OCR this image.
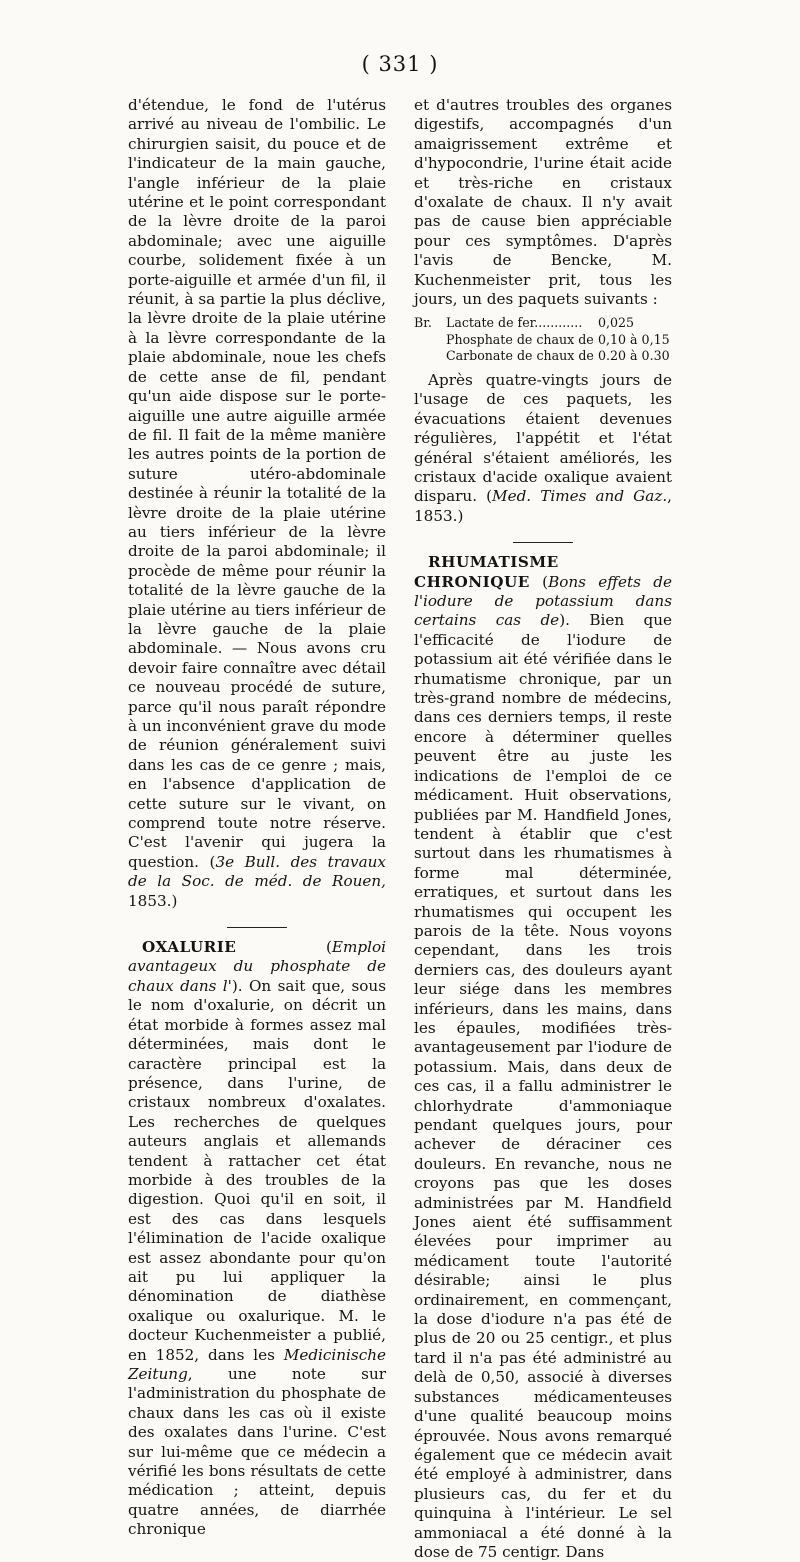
( 331 )

d'étendue, le fond de l'utérus arrivé au niveau de l'ombilic. Le chirurgien saisit, du pouce et de l'indicateur de la main gauche, l'angle inférieur de la plaie utérine et le point correspondant de la lèvre droite de la paroi abdominale; avec une aiguille courbe, solidement fixée à un porte-aiguille et armée d'un fil, il réunit, à sa partie la plus déclive, la lèvre droite de la plaie utérine à la lèvre correspondante de la plaie abdominale, noue les chefs de cette anse de fil, pendant qu'un aide dispose sur le porte-aiguille une autre aiguille armée de fil. Il fait de la même manière les autres points de la portion de suture utéro-abdominale destinée à réunir la totalité de la lèvre droite de la plaie utérine au tiers inférieur de la lèvre droite de la paroi abdominale; il procède de même pour réunir la totalité de la lèvre gauche de la plaie utérine au tiers inférieur de la lèvre gauche de la plaie abdominale. — Nous avons cru devoir faire connaître avec détail ce nouveau procédé de suture, parce qu'il nous paraît répondre à un inconvénient grave du mode de réunion généralement suivi dans les cas de ce genre ; mais, en l'absence d'application de cette suture sur le vivant, on comprend toute notre réserve. C'est l'avenir qui jugera la question. (3e Bull. des travaux de la Soc. de méd. de Rouen, 1853.)

OXALURIE (Emploi avantageux du phosphate de chaux dans l'). On sait que, sous le nom d'oxalurie, on décrit un état morbide à formes assez mal déterminées, mais dont le caractère principal est la présence, dans l'urine, de cristaux nombreux d'oxalates. Les recherches de quelques auteurs anglais et allemands tendent à rattacher cet état morbide à des troubles de la digestion. Quoi qu'il en soit, il est des cas dans lesquels l'élimination de l'acide oxalique est assez abondante pour qu'on ait pu lui appliquer la dénomination de diathèse oxalique ou oxalurique. M. le docteur Kuchenmeister a publié, en 1852, dans les Medicinische Zeitung, une note sur l'administration du phosphate de chaux dans les cas où il existe des oxalates dans l'urine. C'est sur lui-même que ce médecin a vérifié les bons résultats de cette médication ; atteint, depuis quatre années, de diarrhée chronique

et d'autres troubles des organes digestifs, accompagnés d'un amaigrissement extrême et d'hypocondrie, l'urine était acide et très-riche en cristaux d'oxalate de chaux. Il n'y avait pas de cause bien appréciable pour ces symptômes. D'après l'avis de Bencke, M. Kuchenmeister prit, tous les jours, un des paquets suivants :

Br.	Lactate de fer............	0,025
Phosphate de chaux de 0,10 à 0,15
Carbonate de chaux de 0.20 à 0.30

Après quatre-vingts jours de l'usage de ces paquets, les évacuations étaient devenues régulières, l'appétit et l'état général s'étaient améliorés, les cristaux d'acide oxalique avaient disparu. (Med. Times and Gaz., 1853.)

RHUMATISME CHRONIQUE (Bons effets de l'iodure de potassium dans certains cas de). Bien que l'efficacité de l'iodure de potassium ait été vérifiée dans le rhumatisme chronique, par un très-grand nombre de médecins, dans ces derniers temps, il reste encore à déterminer quelles peuvent être au juste les indications de l'emploi de ce médicament. Huit observations, publiées par M. Handfield Jones, tendent à établir que c'est surtout dans les rhumatismes à forme mal déterminée, erratiques, et surtout dans les rhumatismes qui occupent les parois de la tête. Nous voyons cependant, dans les trois derniers cas, des douleurs ayant leur siége dans les membres inférieurs, dans les mains, dans les épaules, modifiées très-avantageusement par l'iodure de potassium. Mais, dans deux de ces cas, il a fallu administrer le chlorhydrate d'ammoniaque pendant quelques jours, pour achever de déraciner ces douleurs. En revanche, nous ne croyons pas que les doses administrées par M. Handfield Jones aient été suffisamment élevées pour imprimer au médicament toute l'autorité désirable; ainsi le plus ordinairement, en commençant, la dose d'iodure n'a pas été de plus de 20 ou 25 centigr., et plus tard il n'a pas été administré au delà de 0,50, associé à diverses substances médicamenteuses d'une qualité beaucoup moins éprouvée. Nous avons remarqué également que ce médecin avait été employé à administrer, dans plusieurs cas, du fer et du quinquina à l'intérieur. Le sel ammoniacal a été donné à la dose de 75 centigr. Dans
